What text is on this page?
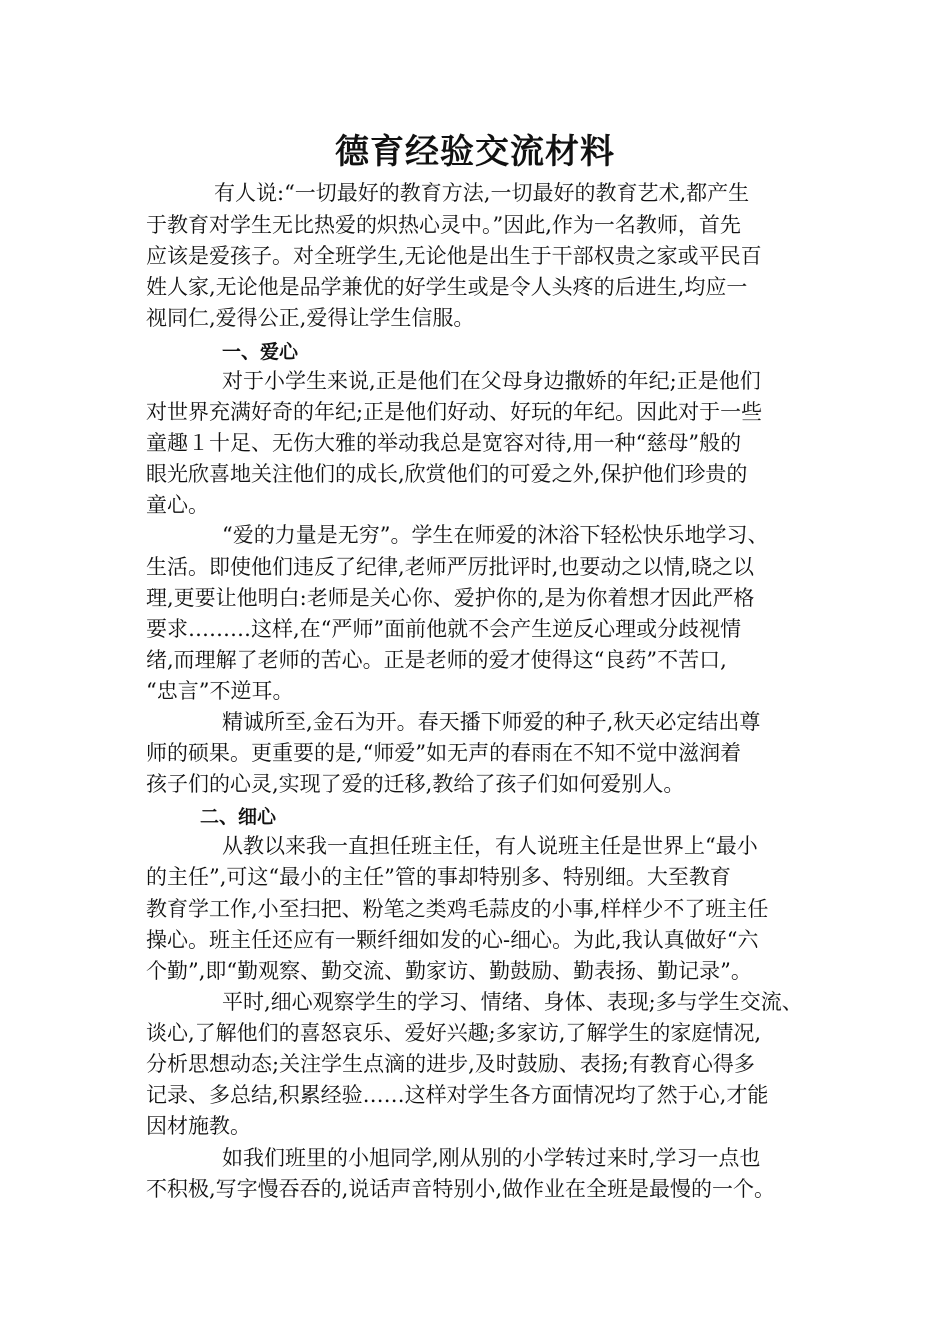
德育经验交流材料

有人说:“一切最好的教育方法,一切最好的教育艺术,都产生

于教育对学生无比热爱的炽热心灵中。”因此,作为一名教师，首先

应该是爱孩子。对全班学生,无论他是出生于干部权贵之家或平民百

姓人家,无论他是品学兼优的好学生或是令人头疼的后进生,均应一

视同仁,爱得公正,爱得让学生信服。

一、爱心

对于小学生来说,正是他们在父母身边撒娇的年纪;正是他们

对世界充满好奇的年纪;正是他们好动、好玩的年纪。因此对于一些

童趣１十足、无伤大雅的举动我总是宽容对待,用一种“慈母”般的

眼光欣喜地关注他们的成长,欣赏他们的可爱之外,保护他们珍贵的

童心。

“爱的力量是无穷”。学生在师爱的沐浴下轻松快乐地学习、

生活。即使他们违反了纪律,老师严厉批评时,也要动之以情,晓之以

理,更要让他明白:老师是关心你、爱护你的,是为你着想才因此严格

要求………这样,在“严师”面前他就不会产生逆反心理或分歧视情

绪,而理解了老师的苦心。正是老师的爱才使得这“良药”不苦口,

“忠言”不逆耳。

精诚所至,金石为开。春天播下师爱的种子,秋天必定结出尊

师的硕果。更重要的是,“师爱”如无声的春雨在不知不觉中滋润着

孩子们的心灵,实现了爱的迁移,教给了孩子们如何爱别人。

二、细心

从教以来我一直担任班主任，有人说班主任是世界上“最小

的主任”,可这“最小的主任”管的事却特别多、特别细。大至教育

教育学工作,小至扫把、粉笔之类鸡毛蒜皮的小事,样样少不了班主任

操心。班主任还应有一颗纤细如发的心-细心。为此,我认真做好“六

个勤”,即“勤观察、勤交流、勤家访、勤鼓励、勤表扬、勤记录”。

平时,细心观察学生的学习、情绪、身体、表现;多与学生交流、

谈心,了解他们的喜怒哀乐、爱好兴趣;多家访,了解学生的家庭情况,

分析思想动态;关注学生点滴的进步,及时鼓励、表扬;有教育心得多

记录、多总结,积累经验……这样对学生各方面情况均了然于心,才能

因材施教。

如我们班里的小旭同学,刚从别的小学转过来时,学习一点也

不积极,写字慢吞吞的,说话声音特别小,做作业在全班是最慢的一个。
